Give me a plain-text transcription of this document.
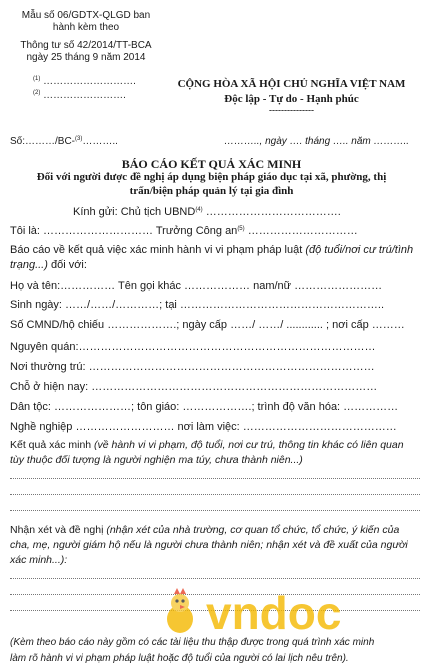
Mẫu số 06/GDTX-QLGD ban
hành kèm theo
Thông tư số 42/2014/TT-BCA
ngày 25 tháng 9 năm 2014
$^{(1)}$ ……………………….
$^{(2)}$ …………………….
CỘNG HÒA XÃ HỘI CHỦ NGHĨA VIỆT NAM
Độc lập - Tự do - Hạnh phúc
---------------
Số:………/BC-$^{(3)}$………..	……….., ngày …. tháng ….. năm ………..
BÁO CÁO KẾT QUẢ XÁC MINH
Đối với người được đề nghị áp dụng biện pháp giáo dục tại xã, phường, thị
trấn/biện pháp quản lý tại gia đình
Kính gửi: Chủ tịch UBND$^{(4)}$ ……………………………….
Tôi là: ………………………… Trưởng Công $an^{(5)}$ …………………………
Báo cáo về kết quả việc xác minh hành vi vi phạm pháp luật (độ tuổi/nơi cư trú/tình
trạng...) đối với:
Họ và tên:…………… Tên gọi khác ……………… nam/nữ ……………………
Sinh ngày: ……/……/…………; tại ………………………………………………..
Số CMND/hộ chiếu ……………….; ngày cấp ……/ ……/ ............ ; nơi cấp ………
Nguyên quán:………………………………………………………………………
Nơi thường trú: ……………………………………………………………………
Chỗ ở hiện nay: ……………………………………………………………………
Dân tộc: …………………; tôn giáo: ……………….; trình độ văn hóa: ……………
Nghề nghiệp ……………………… nơi làm việc: ……………………………………
Kết quả xác minh (về hành vi vi phạm, độ tuổi, nơi cư trú, thông tin khác có liên quan
tùy thuộc đối tượng là người nghiện ma túy, chưa thành niên...)
Nhận xét và đề nghị (nhận xét của nhà trường, cơ quan tổ chức, tổ chức, ý kiến của
cha, mẹ, người giám hộ nếu là người chưa thành niên; nhận xét và đề xuất của người
xác minh...):
vndoc
(Kèm theo báo cáo này gồm có các tài liệu thu thập được trong quá trình xác minh
làm rõ hành vi vi phạm pháp luật hoặc độ tuổi của người có lai lịch nêu trên).
